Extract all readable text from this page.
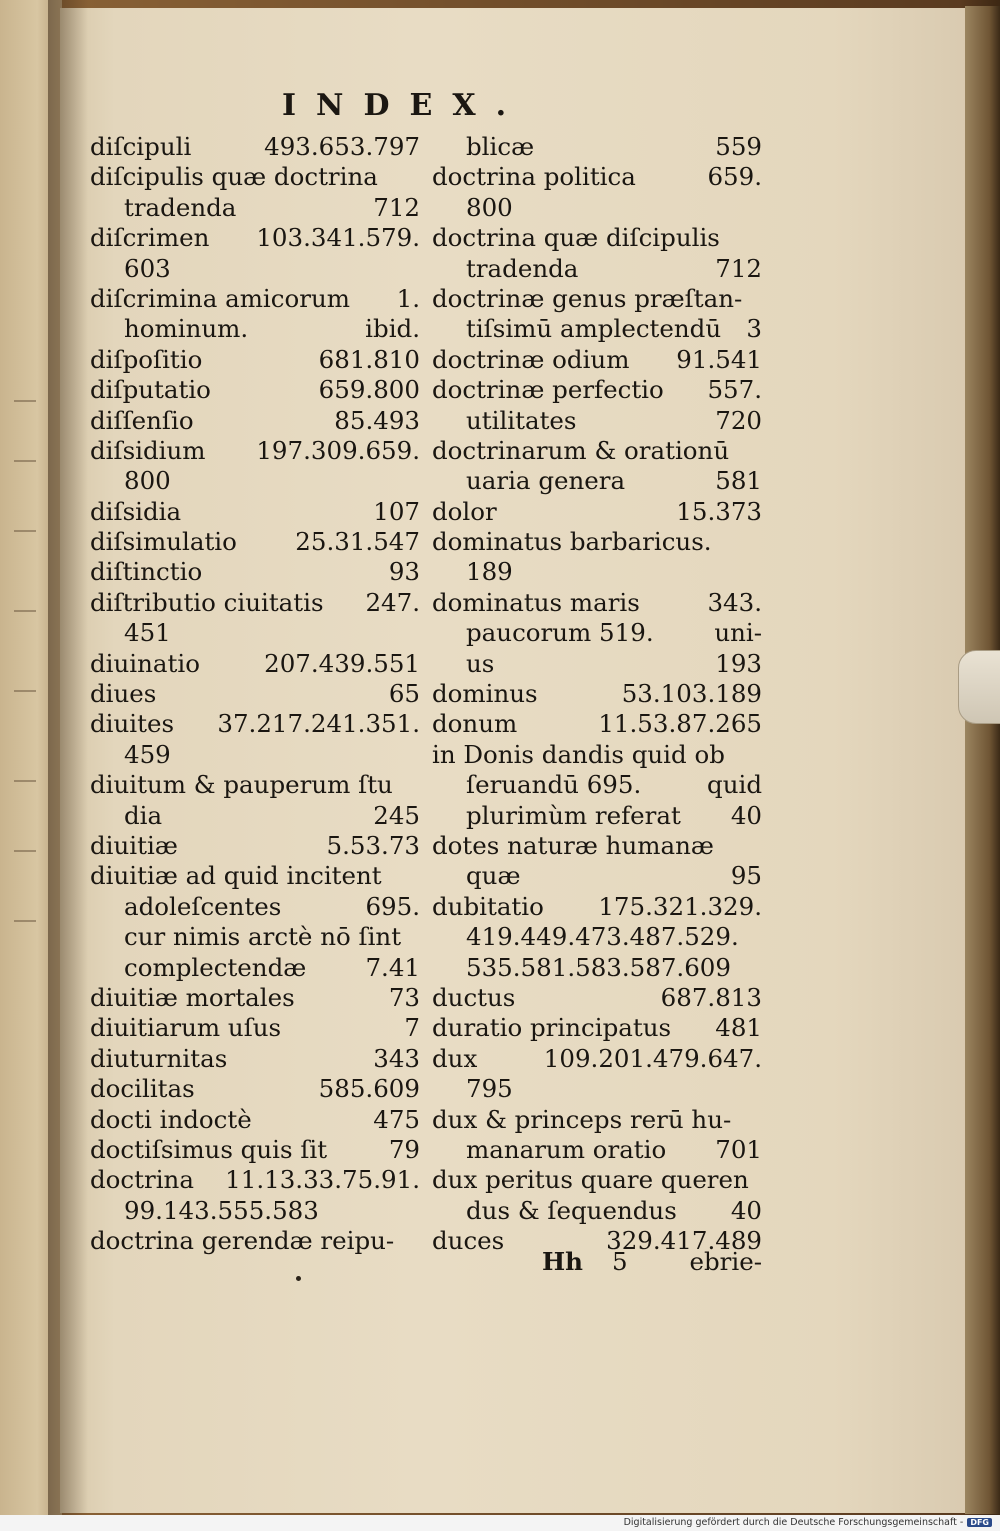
INDEX.
diſcipuli	493.653.797
diſcipulis quæ doctrina
tradenda	712
diſcrimen 103.341.579.
603
diſcrimina amicorum 1.
hominum.	ibid.
diſpoſitio	681.810
diſputatio	659.800
diſſenſio	85.493
diſsidium 197.309.659.
800
diſsidia	107
diſsimulatio 25.31.547
diſtinctio	93
diſtributio ciuitatis 247.
451
diuinatio	207.439.551
diues	65
diuites 37.217.241.351.
459
diuitum & pauperum ſtu
dia	245
diuitiæ	5.53.73
diuitiæ ad quid incitent
adoleſcentes	695.
cur nimis arctè nō ſint
complectendæ 7.41
diuitiæ mortales	73
diuitiarum uſus	7
diuturnitas	343
docilitas	585.609
docti indoctè	475
doctiſsimus quis ſit	79
doctrina 11.13.33.75.91.
99.143.555.583
doctrina gerendæ reipu-
blicæ	559
doctrina politica	659.
800
doctrina quæ diſcipulis
tradenda	712
doctrinæ genus præſtan-
tiſsimū amplectendū 3
doctrinæ odium 91.541
doctrinæ perfectio 557.
utilitates	720
doctrinarum & orationū
uaria genera	581
dolor	15.373
dominatus barbaricus.
189
dominatus maris	343.
paucorum 519. uni-
us	193
dominus	53.103.189
donum	11.53.87.265
in Donis dandis quid ob
ſeruandū 695.	quid
plurimùm referat 40
dotes naturæ humanæ
quæ	95
dubitatio 175.321.329.
419.449.473.487.529.
535.581.583.587.609
ductus	687.813
duratio principatus 481
dux	109.201.479.647.
795
dux & princeps rerū hu-
manarum oratio 701
dux peritus quare queren
dus & ſequendus 40
duces	329.417.489
Hh 5	ebrie-
Digitalisierung gefördert durch die Deutsche Forschungsgemeinschaft - DFG
